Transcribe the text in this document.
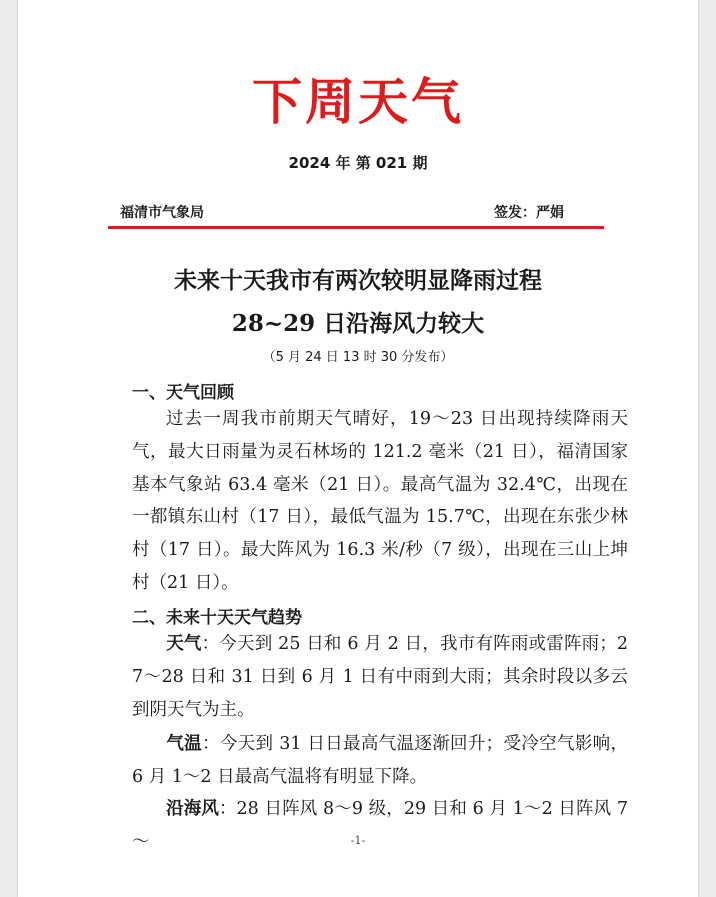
下周天气
2024 年 第 021 期
福清市气象局	签发：严娟
未来十天我市有两次较明显降雨过程
28~29 日沿海风力较大
（5 月 24 日 13 时 30 分发布）
一、天气回顾

过去一周我市前期天气晴好，19～23 日出现持续降雨天气，最大日雨量为灵石林场的 121.2 毫米（21 日），福清国家基本气象站 63.4 毫米（21 日）。最高气温为 32.4℃，出现在一都镇东山村（17 日），最低气温为 15.7℃，出现在东张少林村（17 日）。最大阵风为 16.3 米/秒（7 级），出现在三山上坤村（21 日）。

二、未来十天天气趋势

天气：今天到 25 日和 6 月 2 日，我市有阵雨或雷阵雨；27～28 日和 31 日到 6 月 1 日有中雨到大雨；其余时段以多云到阴天气为主。

气温：今天到 31 日日最高气温逐渐回升；受冷空气影响，6 月 1～2 日最高气温将有明显下降。

沿海风：28 日阵风 8～9 级，29 日和 6 月 1～2 日阵风 7～	-1-
